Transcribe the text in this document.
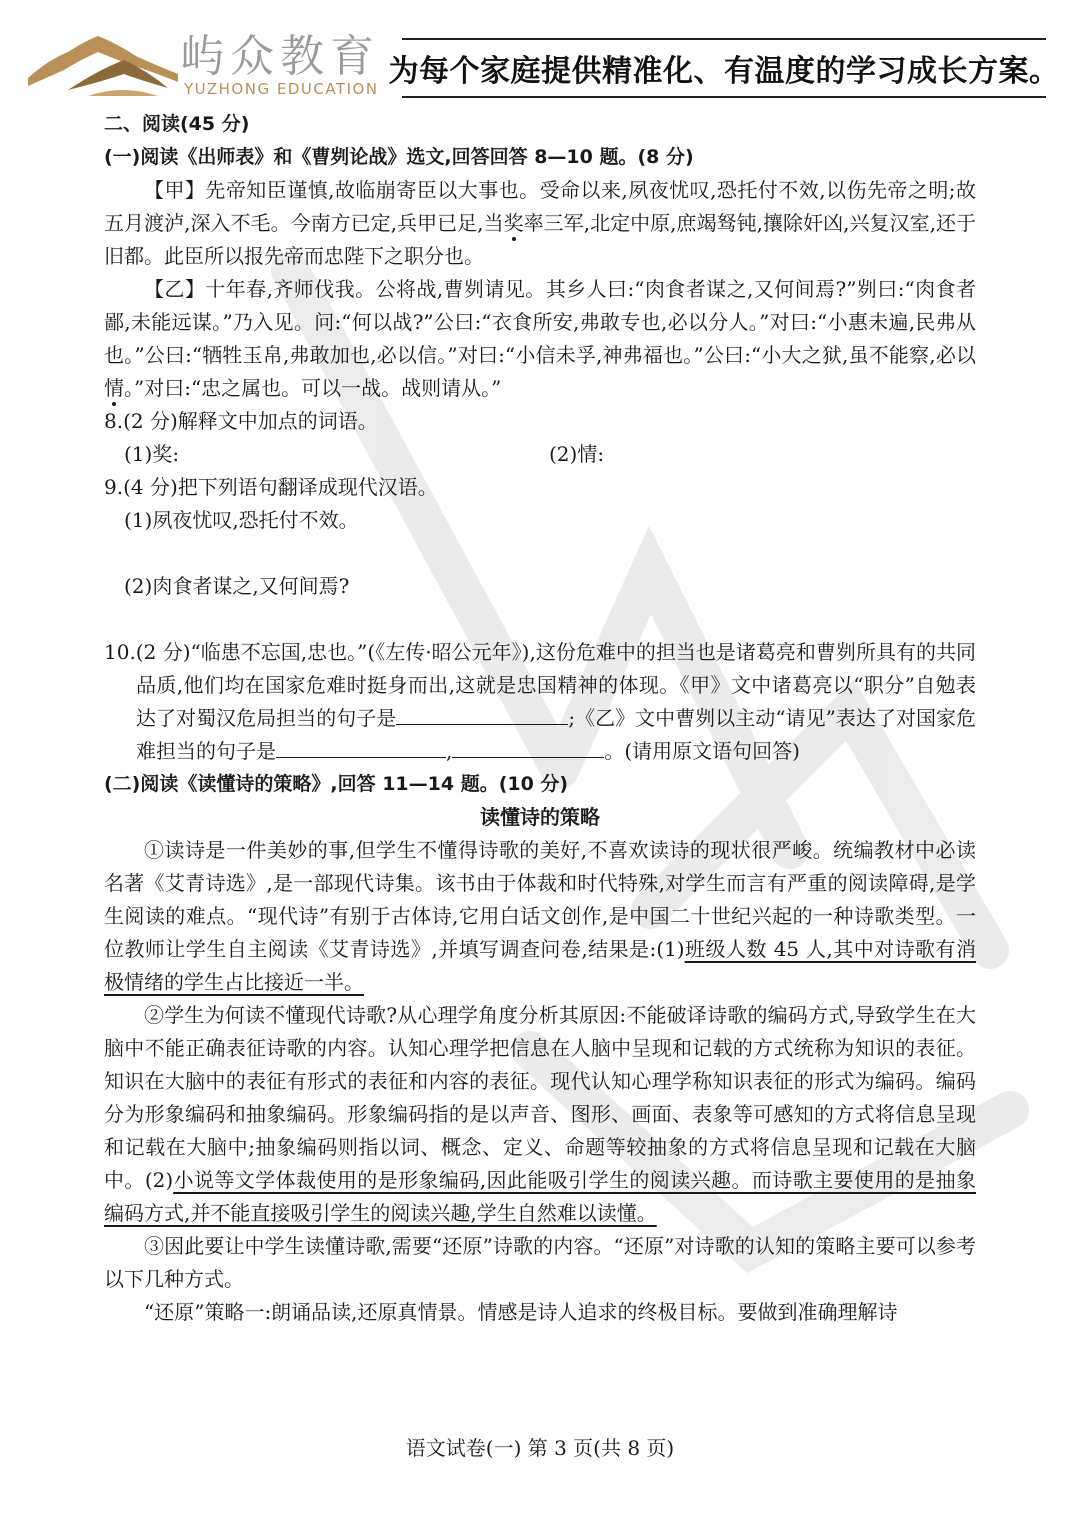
屿众教育
YUZHONG EDUCATION 为每个家庭提供精准化、有温度的学习成长方案。

二、阅读(45 分)

(一)阅读《出师表》和《曹刿论战》选文,回答回答 8—10 题。(8 分)

【甲】先帝知臣谨慎,故临崩寄臣以大事也。受命以来,夙夜忧叹,恐托付不效,以伤先帝之明;故五月渡泸,深入不毛。今南方已定,兵甲已足,当奖率三军,北定中原,庶竭驽钝,攘除奸凶,兴复汉室,还于旧都。此臣所以报先帝而忠陛下之职分也。

【乙】十年春,齐师伐我。公将战,曹刿请见。其乡人曰:“肉食者谋之,又何间焉?”刿曰:“肉食者鄙,未能远谋。”乃入见。问:“何以战?”公曰:“衣食所安,弗敢专也,必以分人。”对曰:“小惠未遍,民弗从也。”公曰:“牺牲玉帛,弗敢加也,必以信。”对曰:“小信未孚,神弗福也。”公曰:“小大之狱,虽不能察,必以情。”对曰:“忠之属也。可以一战。战则请从。”

8.(2 分)解释文中加点的词语。

(1)奖:	(2)情:

9.(4 分)把下列语句翻译成现代汉语。

(1)夙夜忧叹,恐托付不效。

(2)肉食者谋之,又何间焉?

10.(2 分)“临患不忘国,忠也。”(《左传·昭公元年》),这份危难中的担当也是诸葛亮和曹刿所具有的共同品质,他们均在国家危难时挺身而出,这就是忠国精神的体现。《甲》文中诸葛亮以“职分”自勉表达了对蜀汉危局担当的句子是	;《乙》文中曹刿以主动“请见”表达了对国家危难担当的句子是	,	。(请用原文语句回答)

(二)阅读《读懂诗的策略》,回答 11—14 题。(10 分)

读懂诗的策略

①读诗是一件美妙的事,但学生不懂得诗歌的美好,不喜欢读诗的现状很严峻。统编教材中必读名著《艾青诗选》,是一部现代诗集。该书由于体裁和时代特殊,对学生而言有严重的阅读障碍,是学生阅读的难点。“现代诗”有别于古体诗,它用白话文创作,是中国二十世纪兴起的一种诗歌类型。一位教师让学生自主阅读《艾青诗选》,并填写调查问卷,结果是:(1)班级人数 45 人,其中对诗歌有消极情绪的学生占比接近一半。

②学生为何读不懂现代诗歌?从心理学角度分析其原因:不能破译诗歌的编码方式,导致学生在大脑中不能正确表征诗歌的内容。认知心理学把信息在人脑中呈现和记载的方式统称为知识的表征。知识在大脑中的表征有形式的表征和内容的表征。现代认知心理学称知识表征的形式为编码。编码分为形象编码和抽象编码。形象编码指的是以声音、图形、画面、表象等可感知的方式将信息呈现和记载在大脑中;抽象编码则指以词、概念、定义、命题等较抽象的方式将信息呈现和记载在大脑中。(2)小说等文学体裁使用的是形象编码,因此能吸引学生的阅读兴趣。而诗歌主要使用的是抽象编码方式,并不能直接吸引学生的阅读兴趣,学生自然难以读懂。

③因此要让中学生读懂诗歌,需要“还原”诗歌的内容。“还原”对诗歌的认知的策略主要可以参考以下几种方式。

“还原”策略一:朗诵品读,还原真情景。情感是诗人追求的终极目标。要做到准确理解诗

语文试卷(一) 第 3 页(共 8 页)
